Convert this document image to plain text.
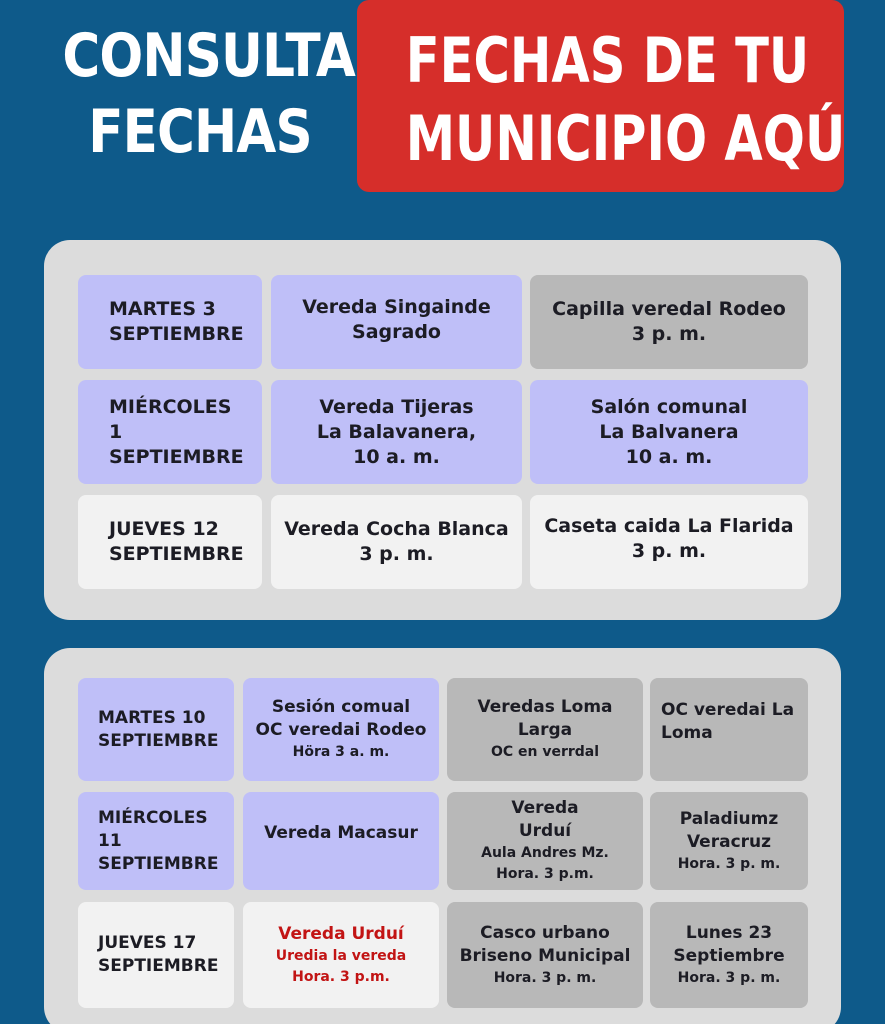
CONSULTA
FECHAS
FECHAS DE TU
MUNICIPIO AQÚ
MARTES 3
SEPTIEMBRE
Vereda Singainde
Sagrado
Capilla veredal Rodeo
3 p. m.
MIÉRCOLES
1 SEPTIEMBRE
Vereda Tijeras
La Balavanera,
10 a. m.
Salón comunal
La Balvanera
10 a. m.
JUEVES 12
SEPTIEMBRE
Vereda Cocha Blanca
3 p. m.
Caseta caida La Flarida
3 p. m.
MARTES 10
SEPTIEMBRE
Sesión comual
OC veredai Rodeo
Höra 3 a. m.
Veredas Loma
Larga
OC en verrdal
OC veredai La
Loma
MIÉRCOLES 11
SEPTIEMBRE
Vereda Macasur
Vereda
Urduí
Aula Andres Mz.
Hora. 3 p.m.
Paladiumz
Veracruz
Hora. 3 p. m.
JUEVES 17
SEPTIEMBRE
Vereda Urduí
Uredia la vereda
Hora. 3 p.m.
Casco urbano
Briseno Municipal
Hora. 3 p. m.
Lunes 23
Septiembre
Hora. 3 p. m.
